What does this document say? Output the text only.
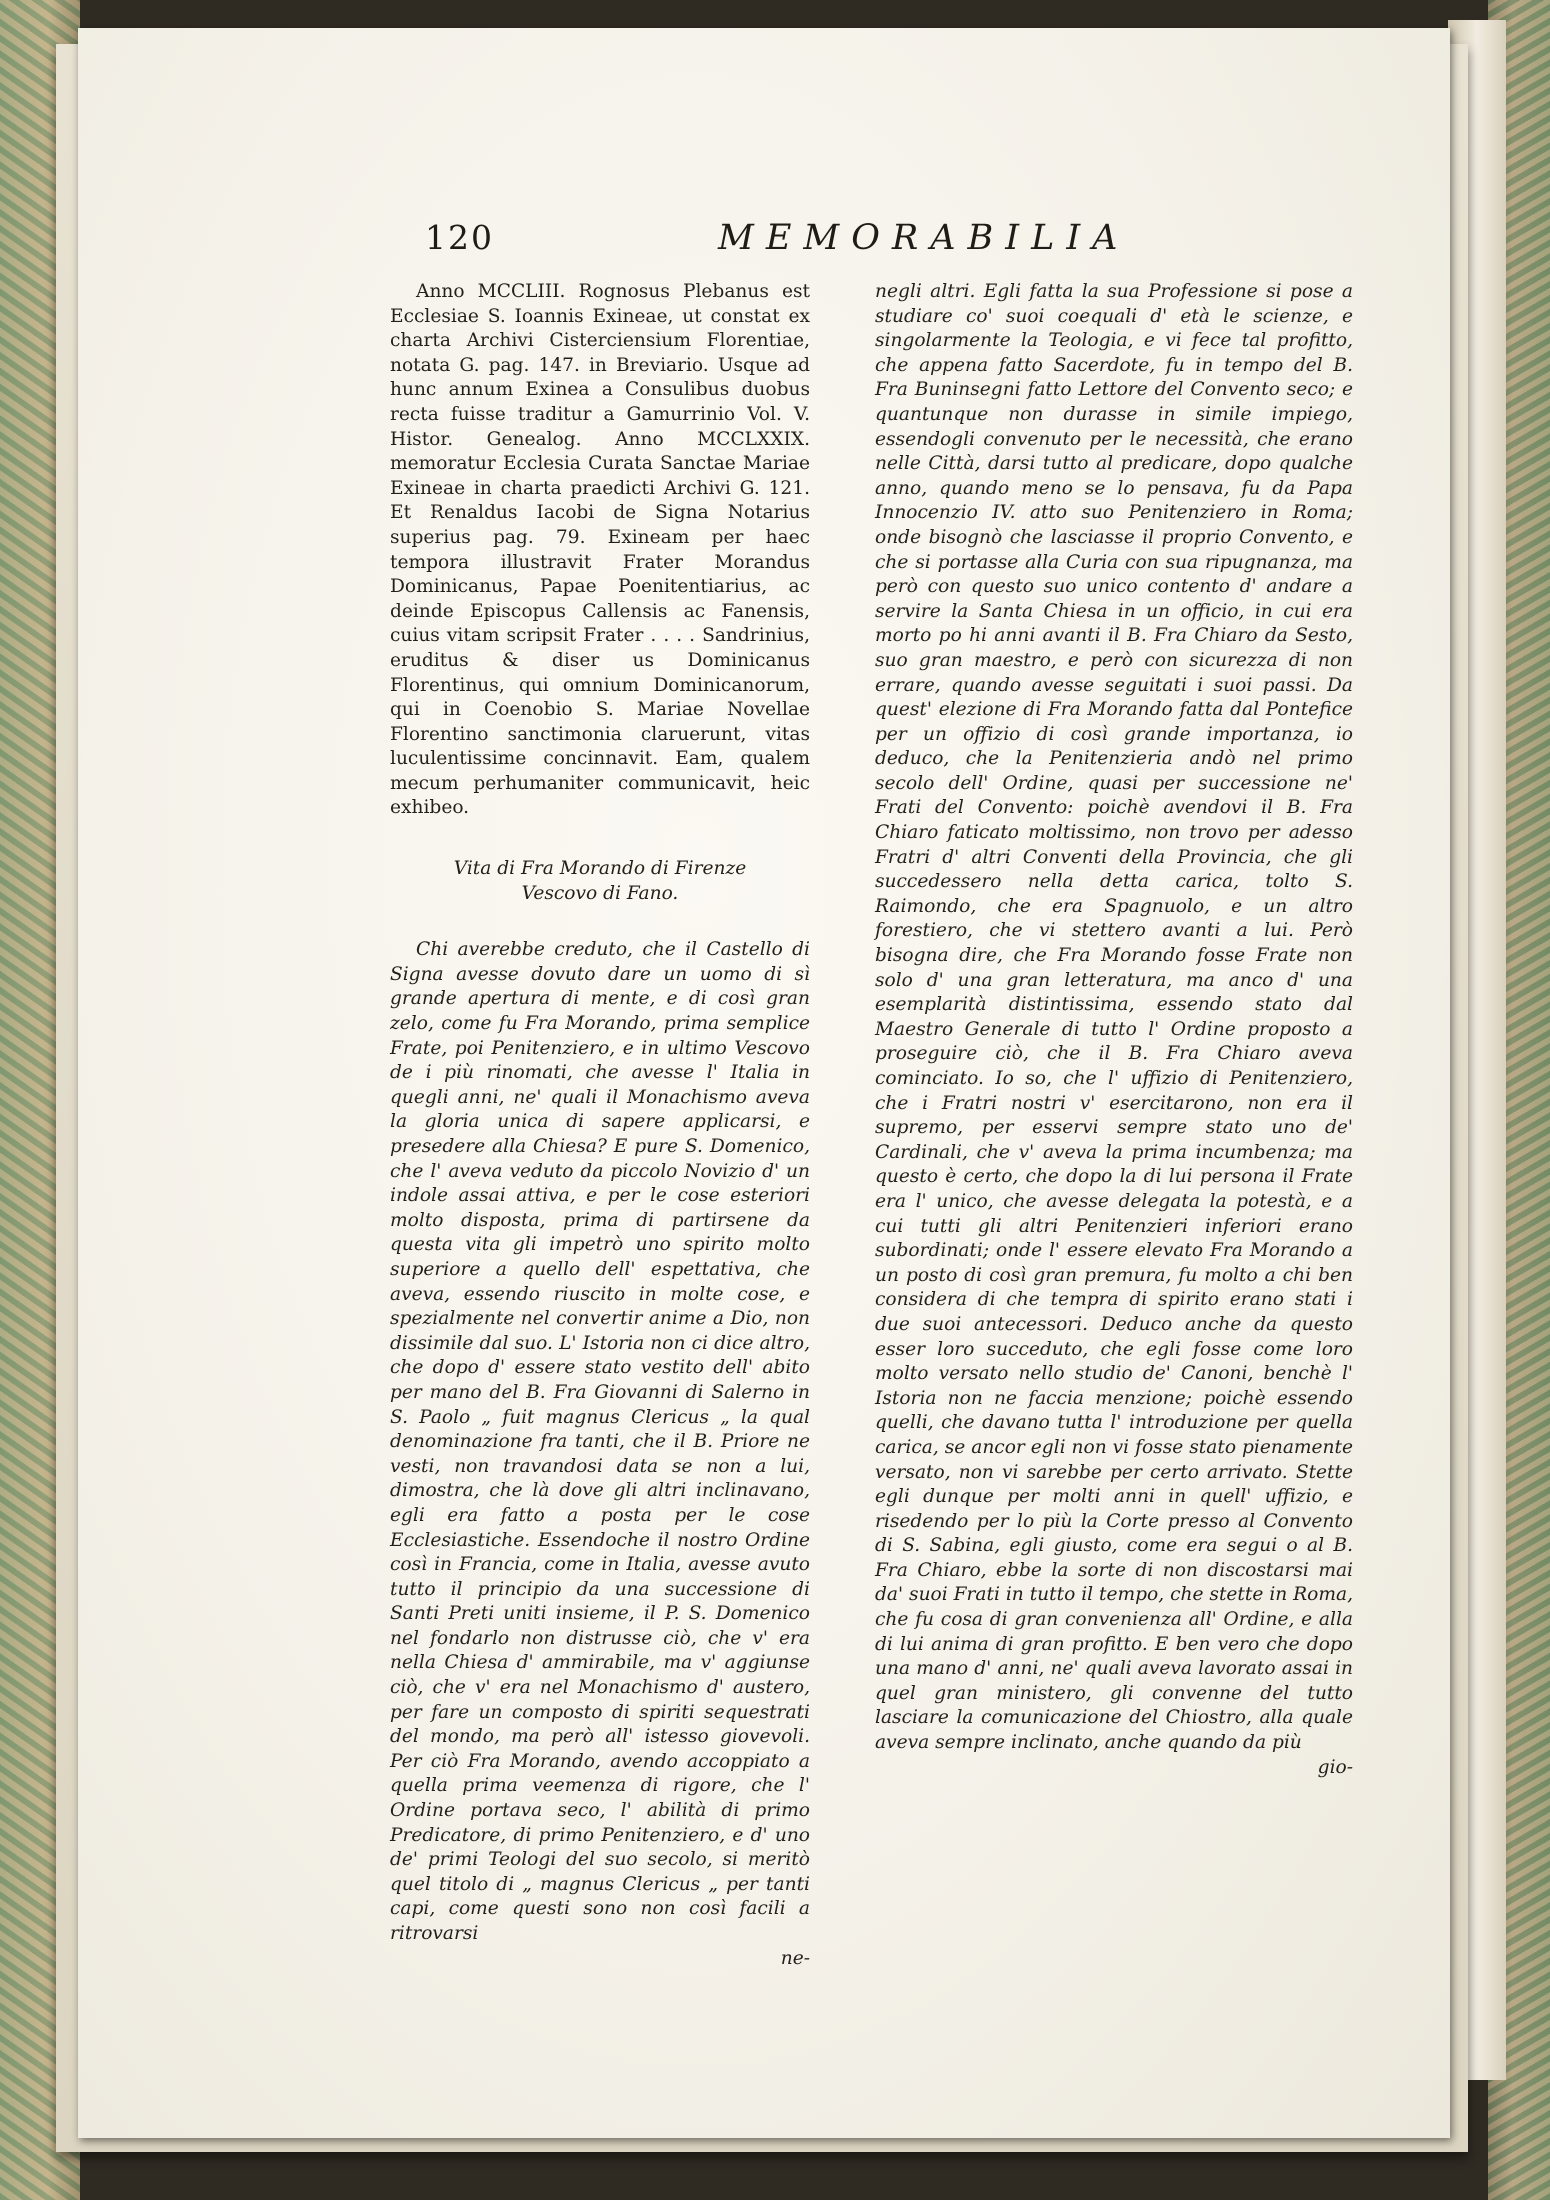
120	MEMORABILIA

Anno MCCLIII. Rognosus Plebanus est Ecclesiae S. Ioannis Exineae, ut constat ex charta Archivi Cisterciensium Florentiae, notata G. pag. 147. in Breviario. Usque ad hunc annum Exinea a Consulibus duobus recta fuisse traditur a Gamurrinio Vol. V. Histor. Genealog. Anno MCCLXXIX. memoratur Ecclesia Curata Sanctae Mariae Exineae in charta praedicti Archivi G. 121. Et Renaldus Iacobi de Signa Notarius superius pag. 79. Exineam per haec tempora illustravit Frater Morandus Dominicanus, Papae Poenitentiarius, ac deinde Episcopus Callensis ac Fanensis, cuius vitam scripsit Frater . . . . Sandrinius, eruditus & diser us Dominicanus Florentinus, qui omnium Dominicanorum, qui in Coenobio S. Mariae Novellae Florentino sanctimonia claruerunt, vitas luculentissime concinnavit. Eam, qualem mecum perhumaniter communicavit, heic exhibeo.

Vita di Fra Morando di Firenze
Vescovo di Fano.

Chi averebbe creduto, che il Castello di Signa avesse dovuto dare un uomo di sì grande apertura di mente, e di così gran zelo, come fu Fra Morando, prima semplice Frate, poi Penitenziero, e in ultimo Vescovo de i più rinomati, che avesse l' Italia in quegli anni, ne' quali il Monachismo aveva la gloria unica di sapere applicarsi, e presedere alla Chiesa? E pure S. Domenico, che l' aveva veduto da piccolo Novizio d' un indole assai attiva, e per le cose esteriori molto disposta, prima di partirsene da questa vita gli impetrò uno spirito molto superiore a quello dell' espettativa, che aveva, essendo riuscito in molte cose, e spezialmente nel convertir anime a Dio, non dissimile dal suo. L' Istoria non ci dice altro, che dopo d' essere stato vestito dell' abito per mano del B. Fra Giovanni di Salerno in S. Paolo „ fuit magnus Clericus „ la qual denominazione fra tanti, che il B. Priore ne vesti, non travandosi data se non a lui, dimostra, che là dove gli altri inclinavano, egli era fatto a posta per le cose Ecclesiastiche. Essendoche il nostro Ordine così in Francia, come in Italia, avesse avuto tutto il principio da una successione di Santi Preti uniti insieme, il P. S. Domenico nel fondarlo non distrusse ciò, che v' era nella Chiesa d' ammirabile, ma v' aggiunse ciò, che v' era nel Monachismo d' austero, per fare un composto di spiriti sequestrati del mondo, ma però all' istesso giovevoli. Per ciò Fra Morando, avendo accoppiato a quella prima veemenza di rigore, che l' Ordine portava seco, l' abilità di primo Predicatore, di primo Penitenziero, e d' uno de' primi Teologi del suo secolo, si meritò quel titolo di „ magnus Clericus „ per tanti capi, come questi sono non così facili a ritrovarsi

ne-

negli altri. Egli fatta la sua Professione si pose a studiare co' suoi coequali d' età le scienze, e singolarmente la Teologia, e vi fece tal profitto, che appena fatto Sacerdote, fu in tempo del B. Fra Buninsegni fatto Lettore del Convento seco; e quantunque non durasse in simile impiego, essendogli convenuto per le necessità, che erano nelle Città, darsi tutto al predicare, dopo qualche anno, quando meno se lo pensava, fu da Papa Innocenzio IV. atto suo Penitenziero in Roma; onde bisognò che lasciasse il proprio Convento, e che si portasse alla Curia con sua ripugnanza, ma però con questo suo unico contento d' andare a servire la Santa Chiesa in un officio, in cui era morto po hi anni avanti il B. Fra Chiaro da Sesto, suo gran maestro, e però con sicurezza di non errare, quando avesse seguitati i suoi passi. Da quest' elezione di Fra Morando fatta dal Pontefice per un offizio di così grande importanza, io deduco, che la Penitenzieria andò nel primo secolo dell' Ordine, quasi per successione ne' Frati del Convento: poichè avendovi il B. Fra Chiaro faticato moltissimo, non trovo per adesso Fratri d' altri Conventi della Provincia, che gli succedessero nella detta carica, tolto S. Raimondo, che era Spagnuolo, e un altro forestiero, che vi stettero avanti a lui. Però bisogna dire, che Fra Morando fosse Frate non solo d' una gran letteratura, ma anco d' una esemplarità distintissima, essendo stato dal Maestro Generale di tutto l' Ordine proposto a proseguire ciò, che il B. Fra Chiaro aveva cominciato. Io so, che l' uffizio di Penitenziero, che i Fratri nostri v' esercitarono, non era il supremo, per esservi sempre stato uno de' Cardinali, che v' aveva la prima incumbenza; ma questo è certo, che dopo la di lui persona il Frate era l' unico, che avesse delegata la potestà, e a cui tutti gli altri Penitenzieri inferiori erano subordinati; onde l' essere elevato Fra Morando a un posto di così gran premura, fu molto a chi ben considera di che tempra di spirito erano stati i due suoi antecessori. Deduco anche da questo esser loro succeduto, che egli fosse come loro molto versato nello studio de' Canoni, benchè l' Istoria non ne faccia menzione; poichè essendo quelli, che davano tutta l' introduzione per quella carica, se ancor egli non vi fosse stato pienamente versato, non vi sarebbe per certo arrivato. Stette egli dunque per molti anni in quell' uffizio, e risedendo per lo più la Corte presso al Convento di S. Sabina, egli giusto, come era segui o al B. Fra Chiaro, ebbe la sorte di non discostarsi mai da' suoi Frati in tutto il tempo, che stette in Roma, che fu cosa di gran convenienza all' Ordine, e alla di lui anima di gran profitto. E ben vero che dopo una mano d' anni, ne' quali aveva lavorato assai in quel gran ministero, gli convenne del tutto lasciare la comunicazione del Chiostro, alla quale aveva sempre inclinato, anche quando da più

gio-
